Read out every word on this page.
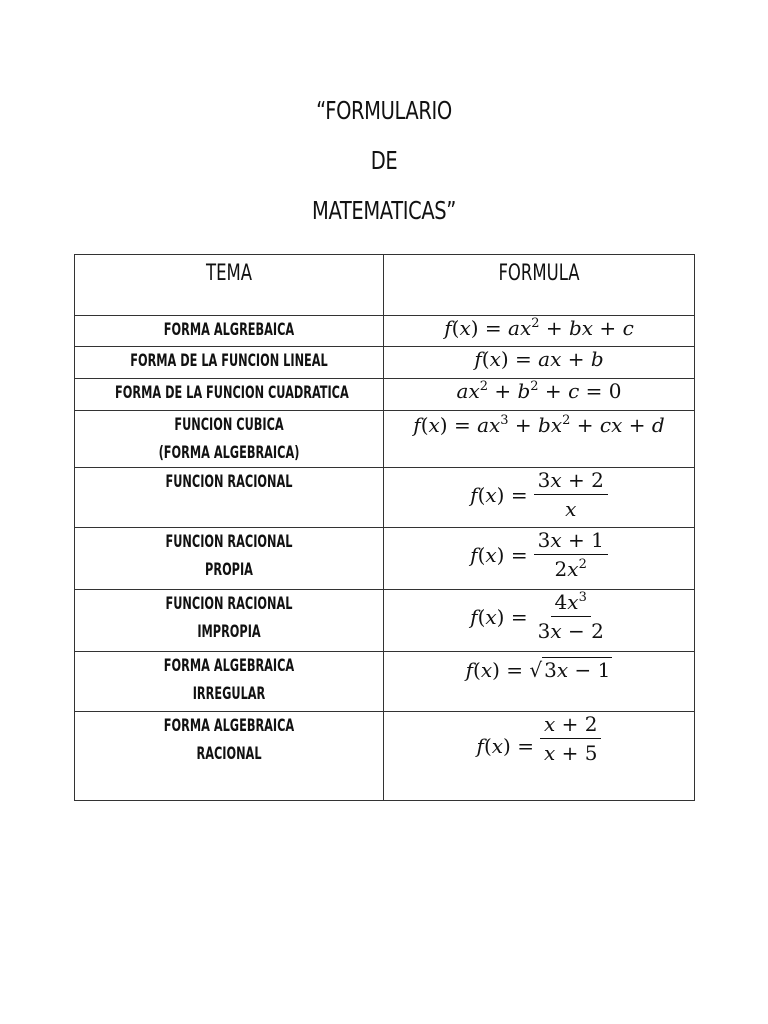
“FORMULARIO
DE
MATEMATICAS”
TEMA	FORMULA

FORMA ALGREBAICA	$f(x) = ax^2$ + bx + c

FORMA DE LA FUNCION LINEAL	f(x) = ax + b

FORMA DE LA FUNCION CUADRATICA	$ax^2 + b^2 + c = 0$

FUNCION CUBICA
(FORMA ALGEBRAICA)	$f(x) = ax^3 + bx^2$ + cx + d

FUNCION RACIONAL	$f(x) = \frac{3x + 2}{x}$

FUNCION RACIONAL
PROPIA	$f(x) = \frac{3x + 1}{2x^2}$

FUNCION RACIONAL
IMPROPIA	$f(x) = \frac{4x^3}{3x - 2}$

FORMA ALGEBRAICA
IRREGULAR	f(x) = √ 3x − 1

FORMA ALGEBRAICA
RACIONAL	$f(x) = \frac{x + 2}{x + 5}$
